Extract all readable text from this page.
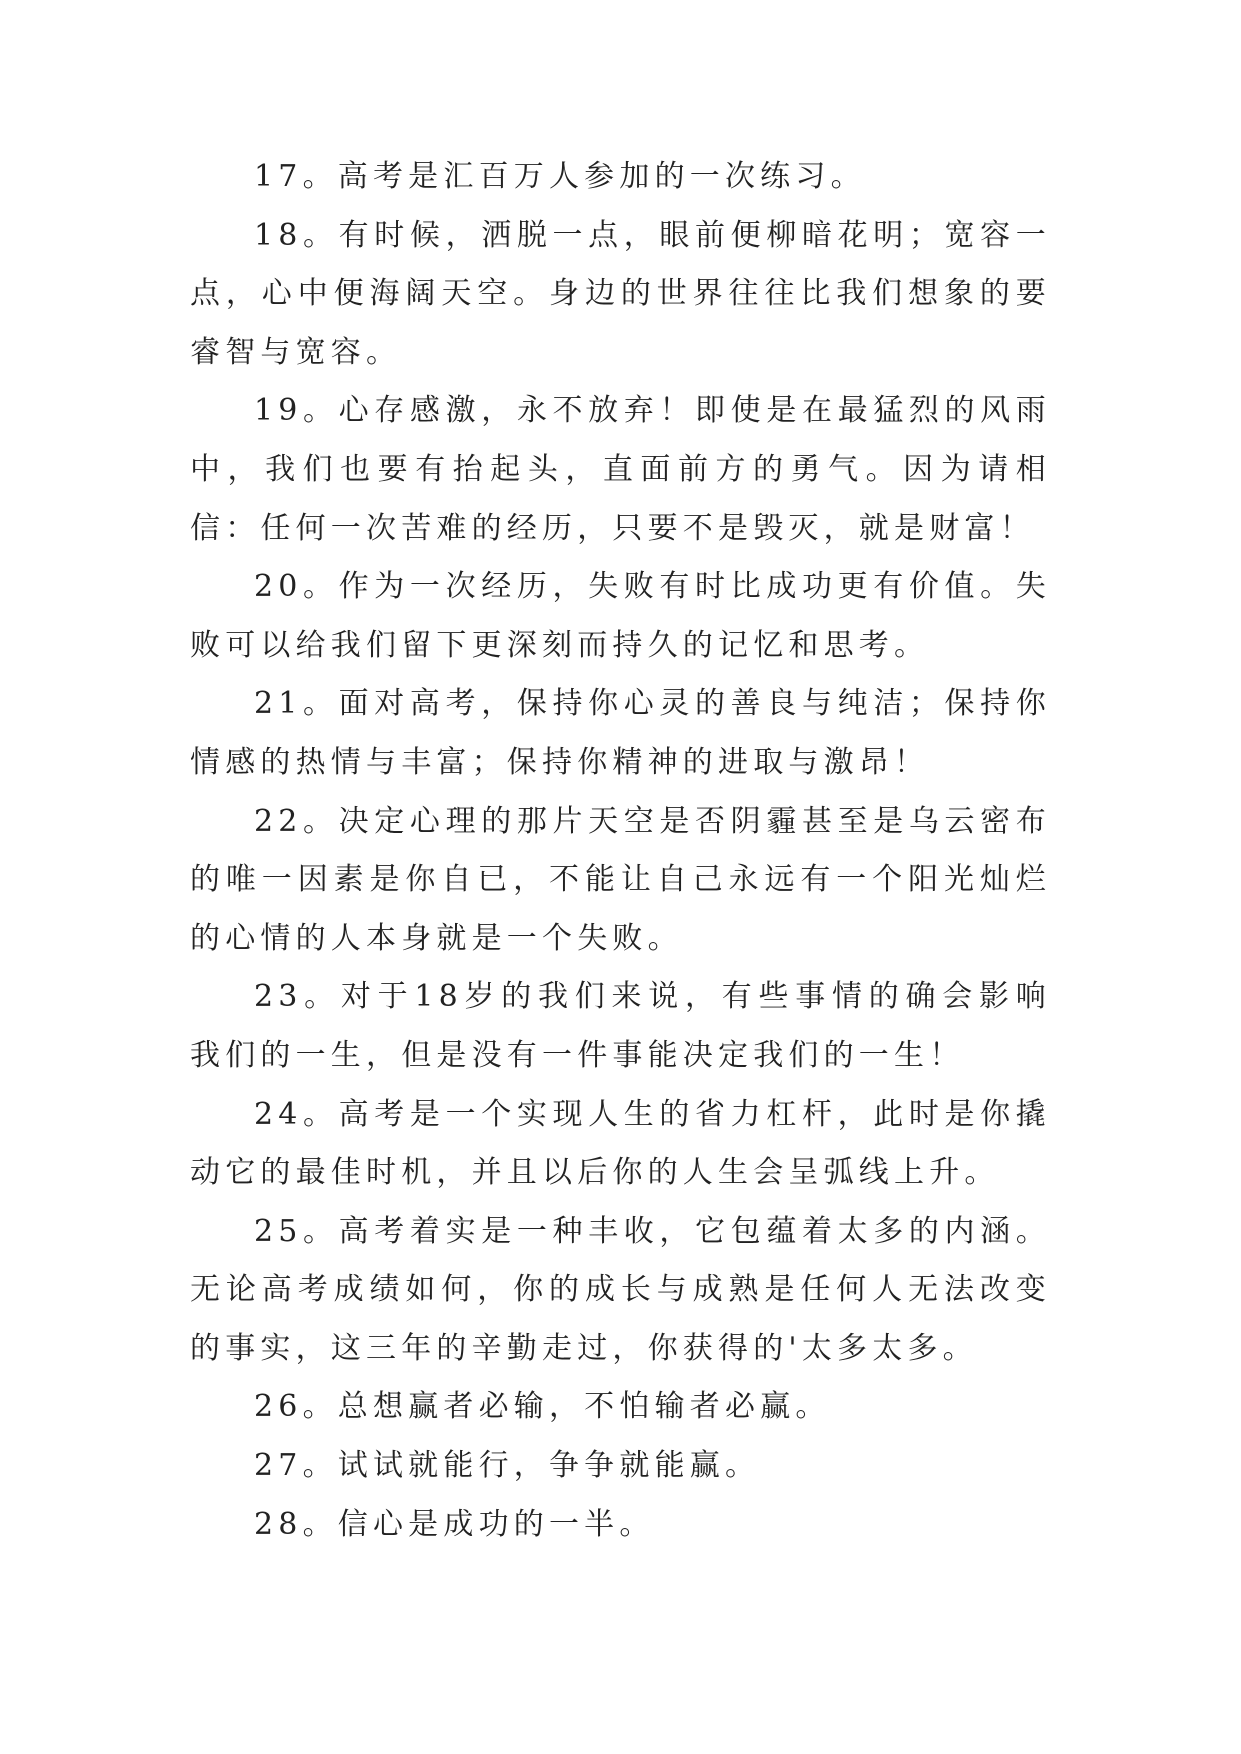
17。高考是汇百万人参加的一次练习。

18。有时候，洒脱一点，眼前便柳暗花明；宽容一点，心中便海阔天空。身边的世界往往比我们想象的要睿智与宽容。

19。心存感激，永不放弃！即使是在最猛烈的风雨中，我们也要有抬起头，直面前方的勇气。因为请相信：任何一次苦难的经历，只要不是毁灭，就是财富！

20。作为一次经历，失败有时比成功更有价值。失败可以给我们留下更深刻而持久的记忆和思考。

21。面对高考，保持你心灵的善良与纯洁；保持你情感的热情与丰富；保持你精神的进取与激昂！

22。决定心理的那片天空是否阴霾甚至是乌云密布的唯一因素是你自已，不能让自己永远有一个阳光灿烂的心情的人本身就是一个失败。

23。对于18岁的我们来说，有些事情的确会影响我们的一生，但是没有一件事能决定我们的一生！

24。高考是一个实现人生的省力杠杆，此时是你撬动它的最佳时机，并且以后你的人生会呈弧线上升。

25。高考着实是一种丰收，它包蕴着太多的内涵。无论高考成绩如何，你的成长与成熟是任何人无法改变的事实，这三年的辛勤走过，你获得的'太多太多。

26。总想赢者必输，不怕输者必赢。

27。试试就能行，争争就能赢。

28。信心是成功的一半。
